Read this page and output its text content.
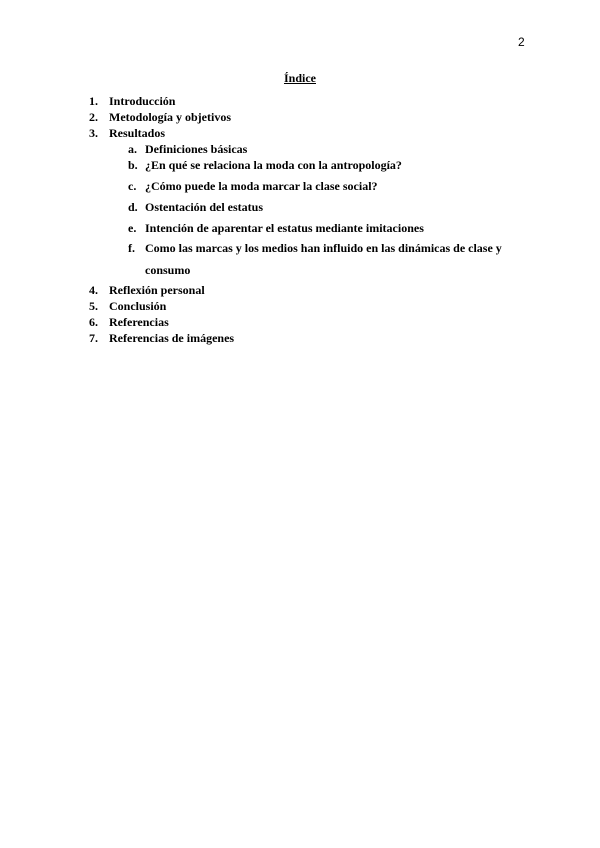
2
Índice
1. Introducción
2. Metodología y objetivos
3. Resultados
a. Definiciones básicas
b. ¿En qué se relaciona la moda con la antropología?
c. ¿Cómo puede la moda marcar la clase social?
d. Ostentación del estatus
e. Intención de aparentar el estatus mediante imitaciones
f. Como las marcas y los medios han influido en las dinámicas de clase y consumo
4. Reflexión personal
5. Conclusión
6. Referencias
7. Referencias de imágenes
